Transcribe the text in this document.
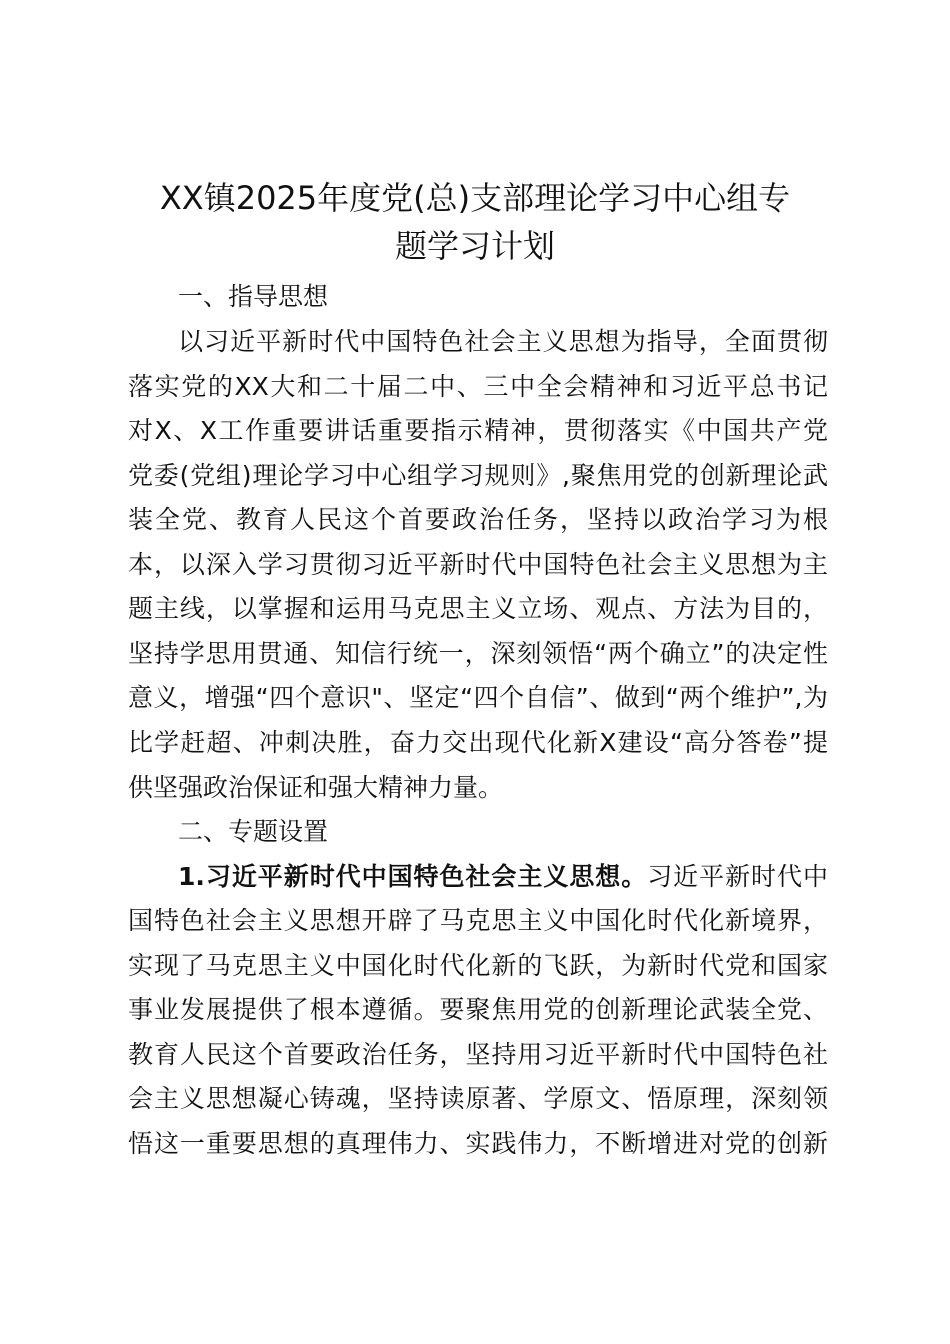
XX镇2025年度党(总)支部理论学习中心组专
题学习计划
一、指导思想
以习近平新时代中国特色社会主义思想为指导，全面贯彻
落实党的XX大和二十届二中、三中全会精神和习近平总书记
对X、X工作重要讲话重要指示精神，贯彻落实《中国共产党
党委(党组)理论学习中心组学习规则》,聚焦用党的创新理论武
装全党、教育人民这个首要政治任务，坚持以政治学习为根
本，以深入学习贯彻习近平新时代中国特色社会主义思想为主
题主线，以掌握和运用马克思主义立场、观点、方法为目的，
坚持学思用贯通、知信行统一，深刻领悟“两个确立”的决定性
意义，增强“四个意识"、坚定“四个自信”、做到“两个维护”,为
比学赶超、冲刺决胜，奋力交出现代化新X建设“高分答卷”提
供坚强政治保证和强大精神力量。
二、专题设置
1.习近平新时代中国特色社会主义思想。习近平新时代中
国特色社会主义思想开辟了马克思主义中国化时代化新境界，
实现了马克思主义中国化时代化新的飞跃，为新时代党和国家
事业发展提供了根本遵循。要聚焦用党的创新理论武装全党、
教育人民这个首要政治任务，坚持用习近平新时代中国特色社
会主义思想凝心铸魂，坚持读原著、学原文、悟原理，深刻领
悟这一重要思想的真理伟力、实践伟力，不断增进对党的创新
